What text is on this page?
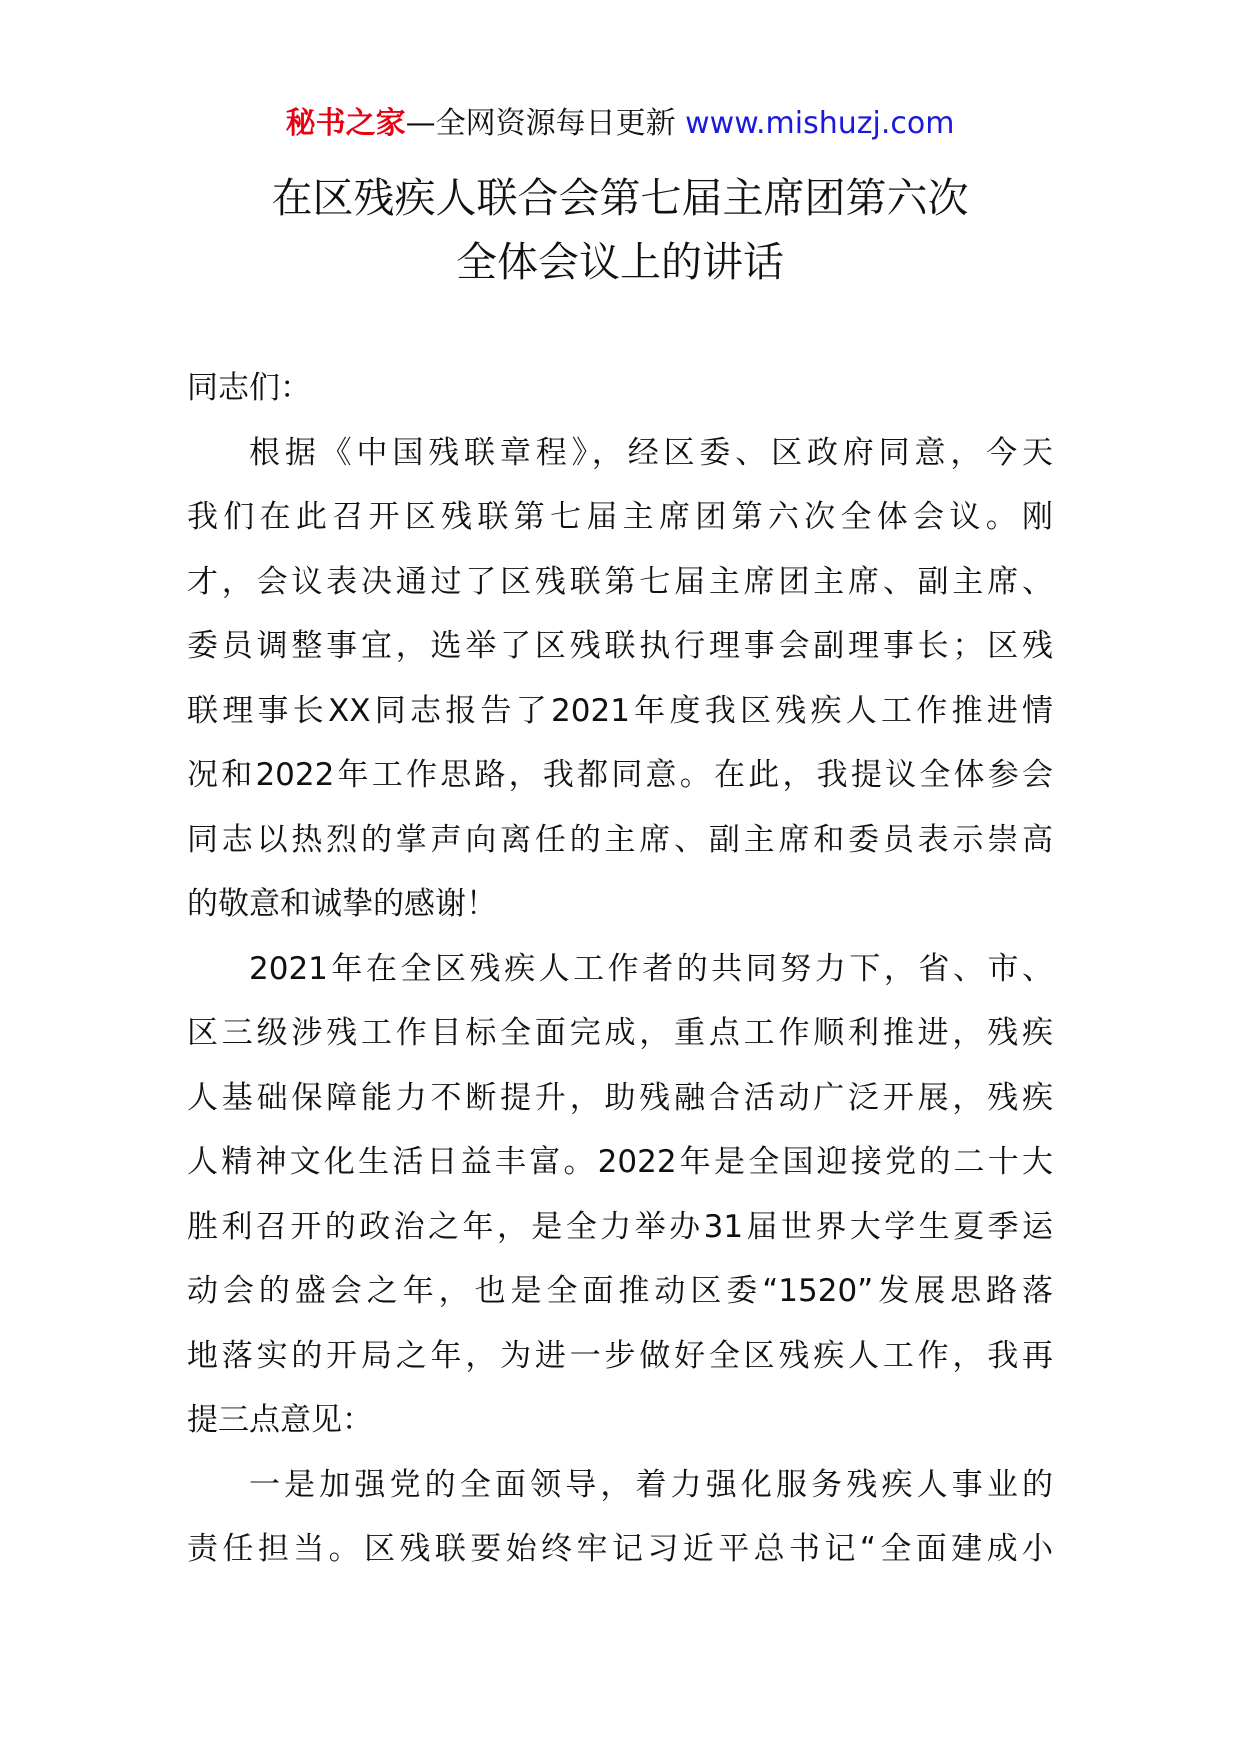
秘书之家—全网资源每日更新 www.mishuzj.com
在区残疾人联合会第七届主席团第六次
全体会议上的讲话

同志们：

根据《中国残联章程》，经区委、区政府同意，今天
我们在此召开区残联第七届主席团第六次全体会议。刚
才，会议表决通过了区残联第七届主席团主席、副主席、
委员调整事宜，选举了区残联执行理事会副理事长；区残
联理事长XX同志报告了2021年度我区残疾人工作推进情
况和2022年工作思路，我都同意。在此，我提议全体参会
同志以热烈的掌声向离任的主席、副主席和委员表示崇高
的敬意和诚挚的感谢！
2021年在全区残疾人工作者的共同努力下，省、市、
区三级涉残工作目标全面完成，重点工作顺利推进，残疾
人基础保障能力不断提升，助残融合活动广泛开展，残疾
人精神文化生活日益丰富。2022年是全国迎接党的二十大
胜利召开的政治之年，是全力举办31届世界大学生夏季运
动会的盛会之年，也是全面推动区委“1520”发展思路落
地落实的开局之年，为进一步做好全区残疾人工作，我再
提三点意见：
一是加强党的全面领导，着力强化服务残疾人事业的
责任担当。区残联要始终牢记习近平总书记“全面建成小
